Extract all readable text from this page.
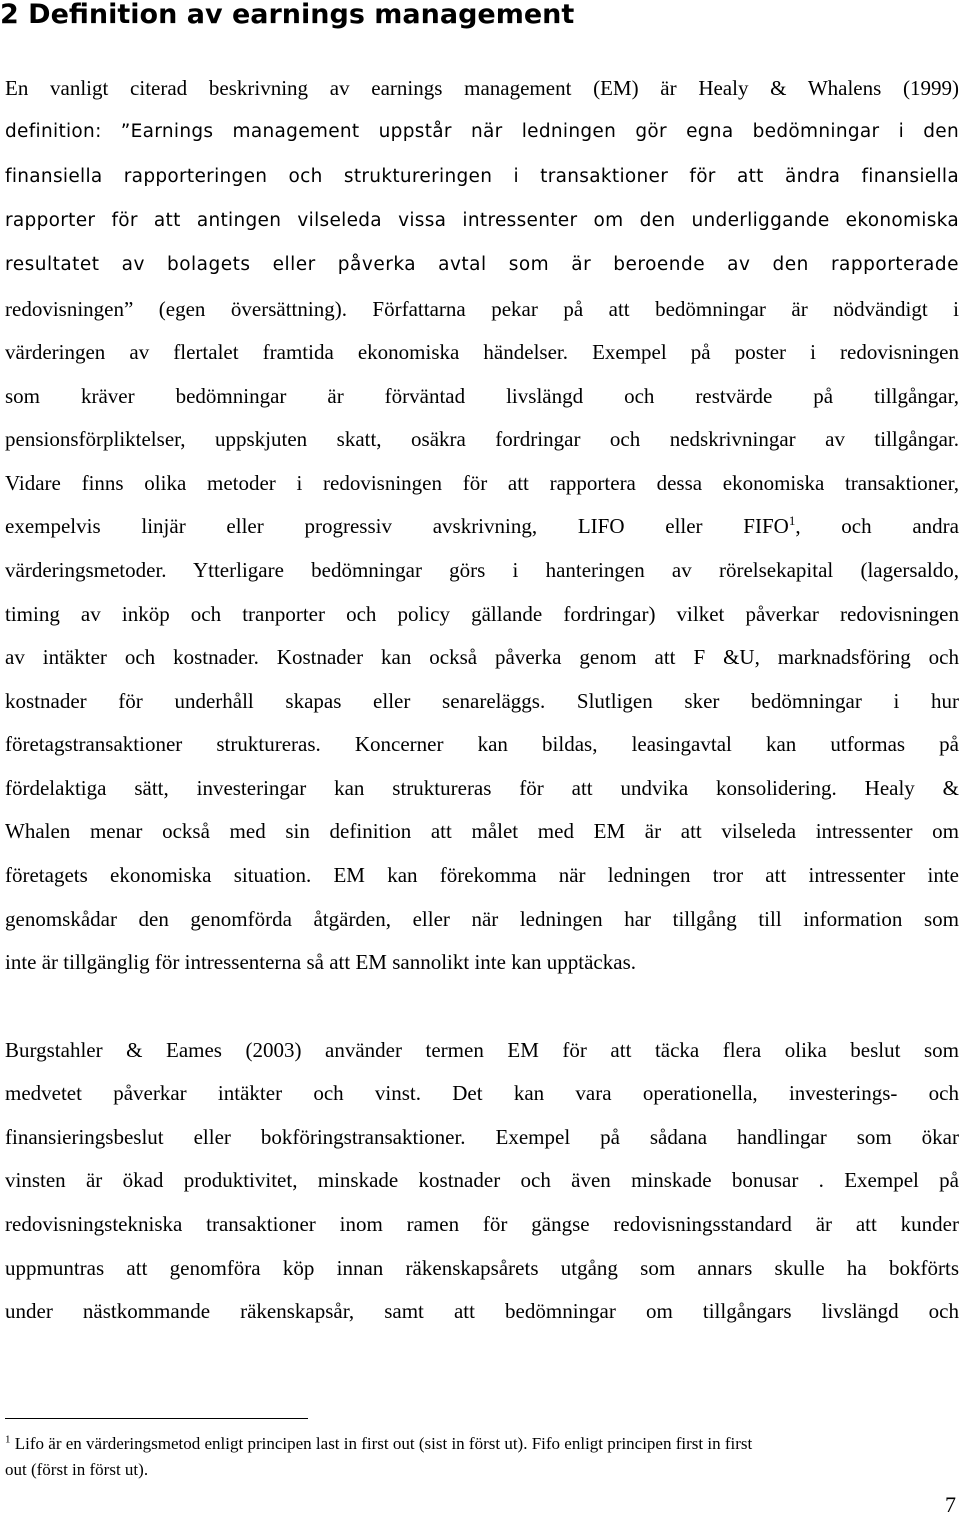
2 Definition av earnings management
En vanligt citerad beskrivning av earnings management (EM) är Healy & Whalens (1999)
definition: ”Earnings management uppstår när ledningen gör egna bedömningar i den
finansiella rapporteringen och struktureringen i transaktioner för att ändra finansiella
rapporter för att antingen vilseleda vissa intressenter om den underliggande ekonomiska
resultatet av bolagets eller påverka avtal som är beroende av den rapporterade
redovisningen” (egen översättning). Författarna pekar på att bedömningar är nödvändigt i
värderingen av flertalet framtida ekonomiska händelser. Exempel på poster i redovisningen
som kräver bedömningar är förväntad livslängd och restvärde på tillgångar,
pensionsförpliktelser, uppskjuten skatt, osäkra fordringar och nedskrivningar av tillgångar.
Vidare finns olika metoder i redovisningen för att rapportera dessa ekonomiska transaktioner,
exempelvis linjär eller progressiv avskrivning, LIFO eller FIFO$^1$, och andra
värderingsmetoder. Ytterligare bedömningar görs i hanteringen av rörelsekapital (lagersaldo,
timing av inköp och tranporter och policy gällande fordringar) vilket påverkar redovisningen
av intäkter och kostnader. Kostnader kan också påverka genom att F &U, marknadsföring och
kostnader för underhåll skapas eller senareläggs. Slutligen sker bedömningar i hur
företagstransaktioner struktureras. Koncerner kan bildas, leasingavtal kan utformas på
fördelaktiga sätt, investeringar kan struktureras för att undvika konsolidering. Healy &
Whalen menar också med sin definition att målet med EM är att vilseleda intressenter om
företagets ekonomiska situation. EM kan förekomma när ledningen tror att intressenter inte
genomskådar den genomförda åtgärden, eller när ledningen har tillgång till information som
inte är tillgänglig för intressenterna så att EM sannolikt inte kan upptäckas.
Burgstahler & Eames (2003) använder termen EM för att täcka flera olika beslut som
medvetet påverkar intäkter och vinst. Det kan vara operationella, investerings- och
finansieringsbeslut eller bokföringstransaktioner. Exempel på sådana handlingar som ökar
vinsten är ökad produktivitet, minskade kostnader och även minskade bonusar . Exempel på
redovisningstekniska transaktioner inom ramen för gängse redovisningsstandard är att kunder
uppmuntras att genomföra köp innan räkenskapsårets utgång som annars skulle ha bokförts
under nästkommande räkenskapsår, samt att bedömningar om tillgångars livslängd och
$^1$ Lifo är en värderingsmetod enligt principen last in first out (sist in först ut). Fifo enligt principen first in first
out (först in först ut).
7
